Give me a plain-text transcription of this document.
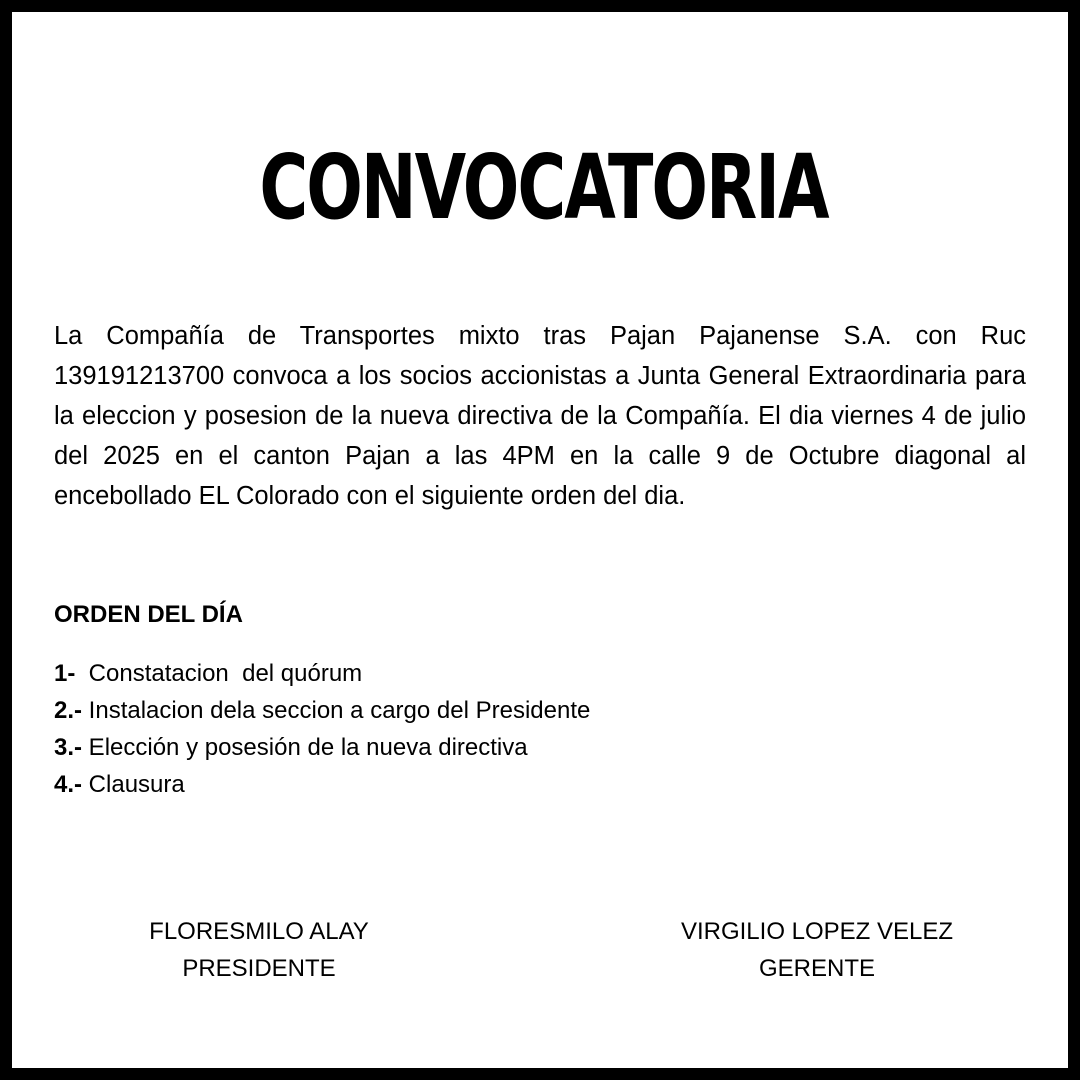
CONVOCATORIA
La Compañía de Transportes mixto tras Pajan Pajanense S.A. con Ruc 139191213700 convoca a los socios accionistas a Junta General Extraordinaria para la eleccion y posesion de la nueva directiva de la Compañía. El dia viernes 4 de julio del 2025 en el canton Pajan a las 4PM en la calle 9 de Octubre diagonal al encebollado EL Colorado con el siguiente orden del dia.
ORDEN DEL DÍA
1-  Constatacion  del quórum
2.- Instalacion dela seccion a cargo del Presidente
3.- Elección y posesión de la nueva directiva
4.- Clausura
FLORESMILO ALAY
PRESIDENTE
VIRGILIO LOPEZ VELEZ
GERENTE
